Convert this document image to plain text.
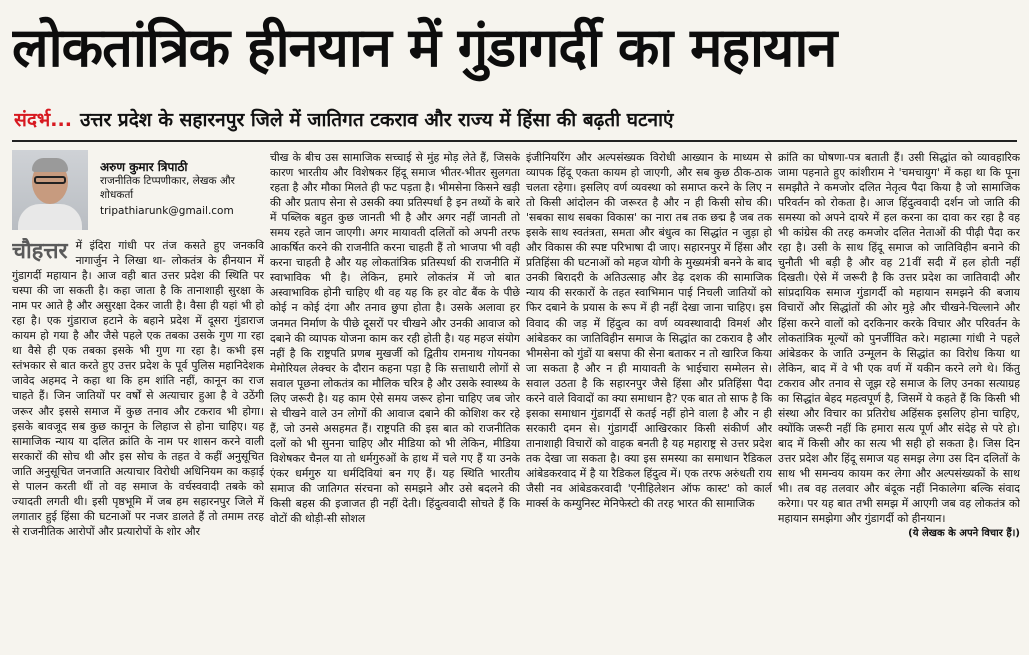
लोकतांत्रिक हीनयान में गुंडागर्दी का महायान
संदर्भ... उत्तर प्रदेश के सहारनपुर जिले में जातिगत टकराव और राज्य में हिंसा की बढ़ती घटनाएं
अरुण कुमार त्रिपाठी
राजनीतिक टिप्पणीकार, लेखक और शोधकर्ता
tripathiarunk@gmail.com
चौहत्तर में इंदिरा गांधी पर तंज कसते हुए जनकवि नागार्जुन ने लिखा था- लोकतंत्र के हीनयान में गुंडागर्दी महायान है। आज वही बात उत्तर प्रदेश की स्थिति पर चस्पा की जा सकती है। कहा जाता है कि तानाशाही सुरक्षा के नाम पर आते है और असुरक्षा देकर जाती है। वैसा ही यहां भी हो रहा है। एक गुंडाराज हटाने के बहाने प्रदेश में दूसरा गुंडाराज कायम हो गया है और जैसे पहले एक तबका उसके गुण गा रहा था वैसे ही एक तबका इसके भी गुण गा रहा है। कभी इस स्तंभकार से बात करते हुए उत्तर प्रदेश के पूर्व पुलिस महानिदेशक जावेद अहमद ने कहा था कि हम शांति नहीं, कानून का राज चाहते हैं। जिन जातियों पर वर्षों से अत्याचार हुआ है वे उठेंगी जरूर और इससे समाज में कुछ तनाव और टकराव भी होगा। इसके बावजूद सब कुछ कानून के लिहाज से होना चाहिए। यह सामाजिक न्याय या दलित क्रांति के नाम पर शासन करने वाली सरकारों की सोच थी और इस सोच के तहत वे कहीं अनुसूचित जाति अनुसूचित जनजाति अत्याचार विरोधी अधिनियम का कड़ाई से पालन करती थीं तो वह समाज के वर्चस्ववादी तबके को ज्यादती लगती थी। इसी पृष्ठभूमि में जब हम सहारनपुर जिले में लगातार हुई हिंसा की घटनाओं पर नजर डालते हैं तो तमाम तरह से राजनीतिक आरोपों और प्रत्यारोपों के शोर और

चीख के बीच उस सामाजिक सच्चाई से मुंह मोड़ लेते हैं, जिसके कारण भारतीय और विशेषकर हिंदू समाज भीतर-भीतर सुलगता रहता है और मौका मिलते ही फट पड़ता है। भीमसेना किसने खड़ी की और प्रताप सेना से उसकी क्या प्रतिस्पर्धा है इन तथ्यों के बारे में पब्लिक बहुत कुछ जानती भी है और अगर नहीं जानती तो समय रहते जान जाएगी। अगर मायावती दलितों को अपनी तरफ आकर्षित करने की राजनीति करना चाहती हैं तो भाजपा भी वही करना चाहती है और यह लोकतांत्रिक प्रतिस्पर्धा की राजनीति में स्वाभाविक भी है। लेकिन, हमारे लोकतंत्र में जो बात अस्वाभाविक होनी चाहिए थी वह यह कि हर वोट बैंक के पीछे कोई न कोई दंगा और तनाव छुपा होता है। उसके अलावा हर जनमत निर्माण के पीछे दूसरों पर चीखने और उनकी आवाज को दबाने की व्यापक योजना काम कर रही होती है। यह महज संयोग नहीं है कि राष्ट्रपति प्रणब मुखर्जी को द्वितीय रामनाथ गोयनका मेमोरियल लेक्चर के दौरान कहना पड़ा है कि सत्ताधारी लोगों से सवाल पूछना लोकतंत्र का मौलिक चरित्र है और उसके स्वास्थ्य के लिए जरूरी है। यह काम ऐसे समय जरूर होना चाहिए जब जोर से चीखने वाले उन लोगों की आवाज दबाने की कोशिश कर रहे हैं, जो उनसे असहमत हैं। राष्ट्रपति की इस बात को राजनीतिक दलों को भी सुनना चाहिए और मीडिया को भी लेकिन, मीडिया विशेषकर चैनल या तो धर्मगुरुओं के हाथ में चले गए हैं या उनके एंकर धर्मगुरु या धर्मदिवियां बन गए हैं। यह स्थिति भारतीय समाज की जातिगत संरचना को समझने और उसे बदलने की किसी बहस की इजाजत ही नहीं देती। हिंदुत्ववादी सोचते हैं कि वोटों की थोड़ी-सी सोशल

इंजीनियरिंग और अल्पसंख्यक विरोधी आख्यान के माध्यम से व्यापक हिंदू एकता कायम हो जाएगी, और सब कुछ ठीक-ठाक चलता रहेगा। इसलिए वर्ण व्यवस्था को समाप्त करने के लिए न तो किसी आंदोलन की जरूरत है और न ही किसी सोच की। 'सबका साथ सबका विकास' का नारा तब तक छद्म है जब तक इसके साथ स्वतंत्रता, समता और बंधुत्व का सिद्धांत न जुड़ा हो और विकास की स्पष्ट परिभाषा दी जाए। सहारनपुर में हिंसा और प्रतिहिंसा की घटनाओं को महज योगी के मुख्यमंत्री बनने के बाद उनकी बिरादरी के अतिउत्साह और डेढ़ दशक की सामाजिक न्याय की सरकारों के तहत स्वाभिमान पाई निचली जातियों को फिर दबाने के प्रयास के रूप में ही नहीं देखा जाना चाहिए। इस विवाद की जड़ में हिंदुत्व का वर्ण व्यवस्थावादी विमर्श और आंबेडकर का जातिविहीन समाज के सिद्धांत का टकराव है और भीमसेना को गुंडों या बसपा की सेना बताकर न तो खारिज किया जा सकता है और न ही मायावती के भाईचारा सम्मेलन से। सवाल उठता है कि सहारनपुर जैसे हिंसा और प्रतिहिंसा पैदा करने वाले विवादों का क्या समाधान है? एक बात तो साफ है कि इसका समाधान गुंडागर्दी से कतई नहीं होने वाला है और न ही सरकारी दमन से। गुंडागर्दी आखिरकार किसी संकीर्ण और तानाशाही विचारों को वाहक बनती है यह महाराष्ट्र से उत्तर प्रदेश तक देखा जा सकता है। क्या इस समस्या का समाधान रैडिकल आंबेडकरवाद में है या रैडिकल हिंदुत्व में। एक तरफ अरुंधती राय जैसी नव आंबेडकरवादी 'एनीहिलेशन ऑफ कास्ट' को कार्ल मार्क्स के कम्युनिस्ट मेनिफेस्टो की तरह भारत की सामाजिक

क्रांति का घोषणा-पत्र बताती हैं। उसी सिद्धांत को व्यावहारिक जामा पहनाते हुए कांशीराम ने 'चमचायुग' में कहा था कि पूना समझौते ने कमजोर दलित नेतृत्व पैदा किया है जो सामाजिक परिवर्तन को रोकता है। आज हिंदुत्ववादी दर्शन जो जाति की समस्या को अपने दायरे में हल करना का दावा कर रहा है वह भी कांग्रेस की तरह कमजोर दलित नेताओं की पीढ़ी पैदा कर रहा है। उसी के साथ हिंदू समाज को जातिविहीन बनाने की चुनौती भी बड़ी है और वह 21वीं सदी में हल होती नहीं दिखती। ऐसे में जरूरी है कि उत्तर प्रदेश का जातिवादी और सांप्रदायिक समाज गुंडागर्दी को महायान समझने की बजाय विचारों और सिद्धांतों की ओर मुड़े और चीखने-चिल्लाने और हिंसा करने वालों को दरकिनार करके विचार और परिवर्तन के लोकतांत्रिक मूल्यों को पुनर्जीवित करे। महात्मा गांधी ने पहले आंबेडकर के जाति उन्मूलन के सिद्धांत का विरोध किया था लेकिन, बाद में वे भी एक वर्ण में यकीन करने लगे थे। किंतु टकराव और तनाव से जूझ रहे समाज के लिए उनका सत्याग्रह का सिद्धांत बेहद महत्वपूर्ण है, जिसमें ये कहते हैं कि किसी भी संस्था और विचार का प्रतिरोध अहिंसक इसलिए होना चाहिए, क्योंकि जरूरी नहीं कि हमारा सत्य पूर्ण और संदेह से परे हो। बाद में किसी और का सत्य भी सही हो सकता है। जिस दिन उत्तर प्रदेश और हिंदू समाज यह समझ लेगा उस दिन दलितों के साथ भी समन्वय कायम कर लेगा और अल्पसंख्यकों के साथ भी। तब वह तलवार और बंदूक नहीं निकालेगा बल्कि संवाद करेगा। पर यह बात तभी समझ में आएगी जब वह लोकतंत्र को महायान समझेगा और गुंडागर्दी को हीनयान।

(ये लेखक के अपने विचार हैं।)
